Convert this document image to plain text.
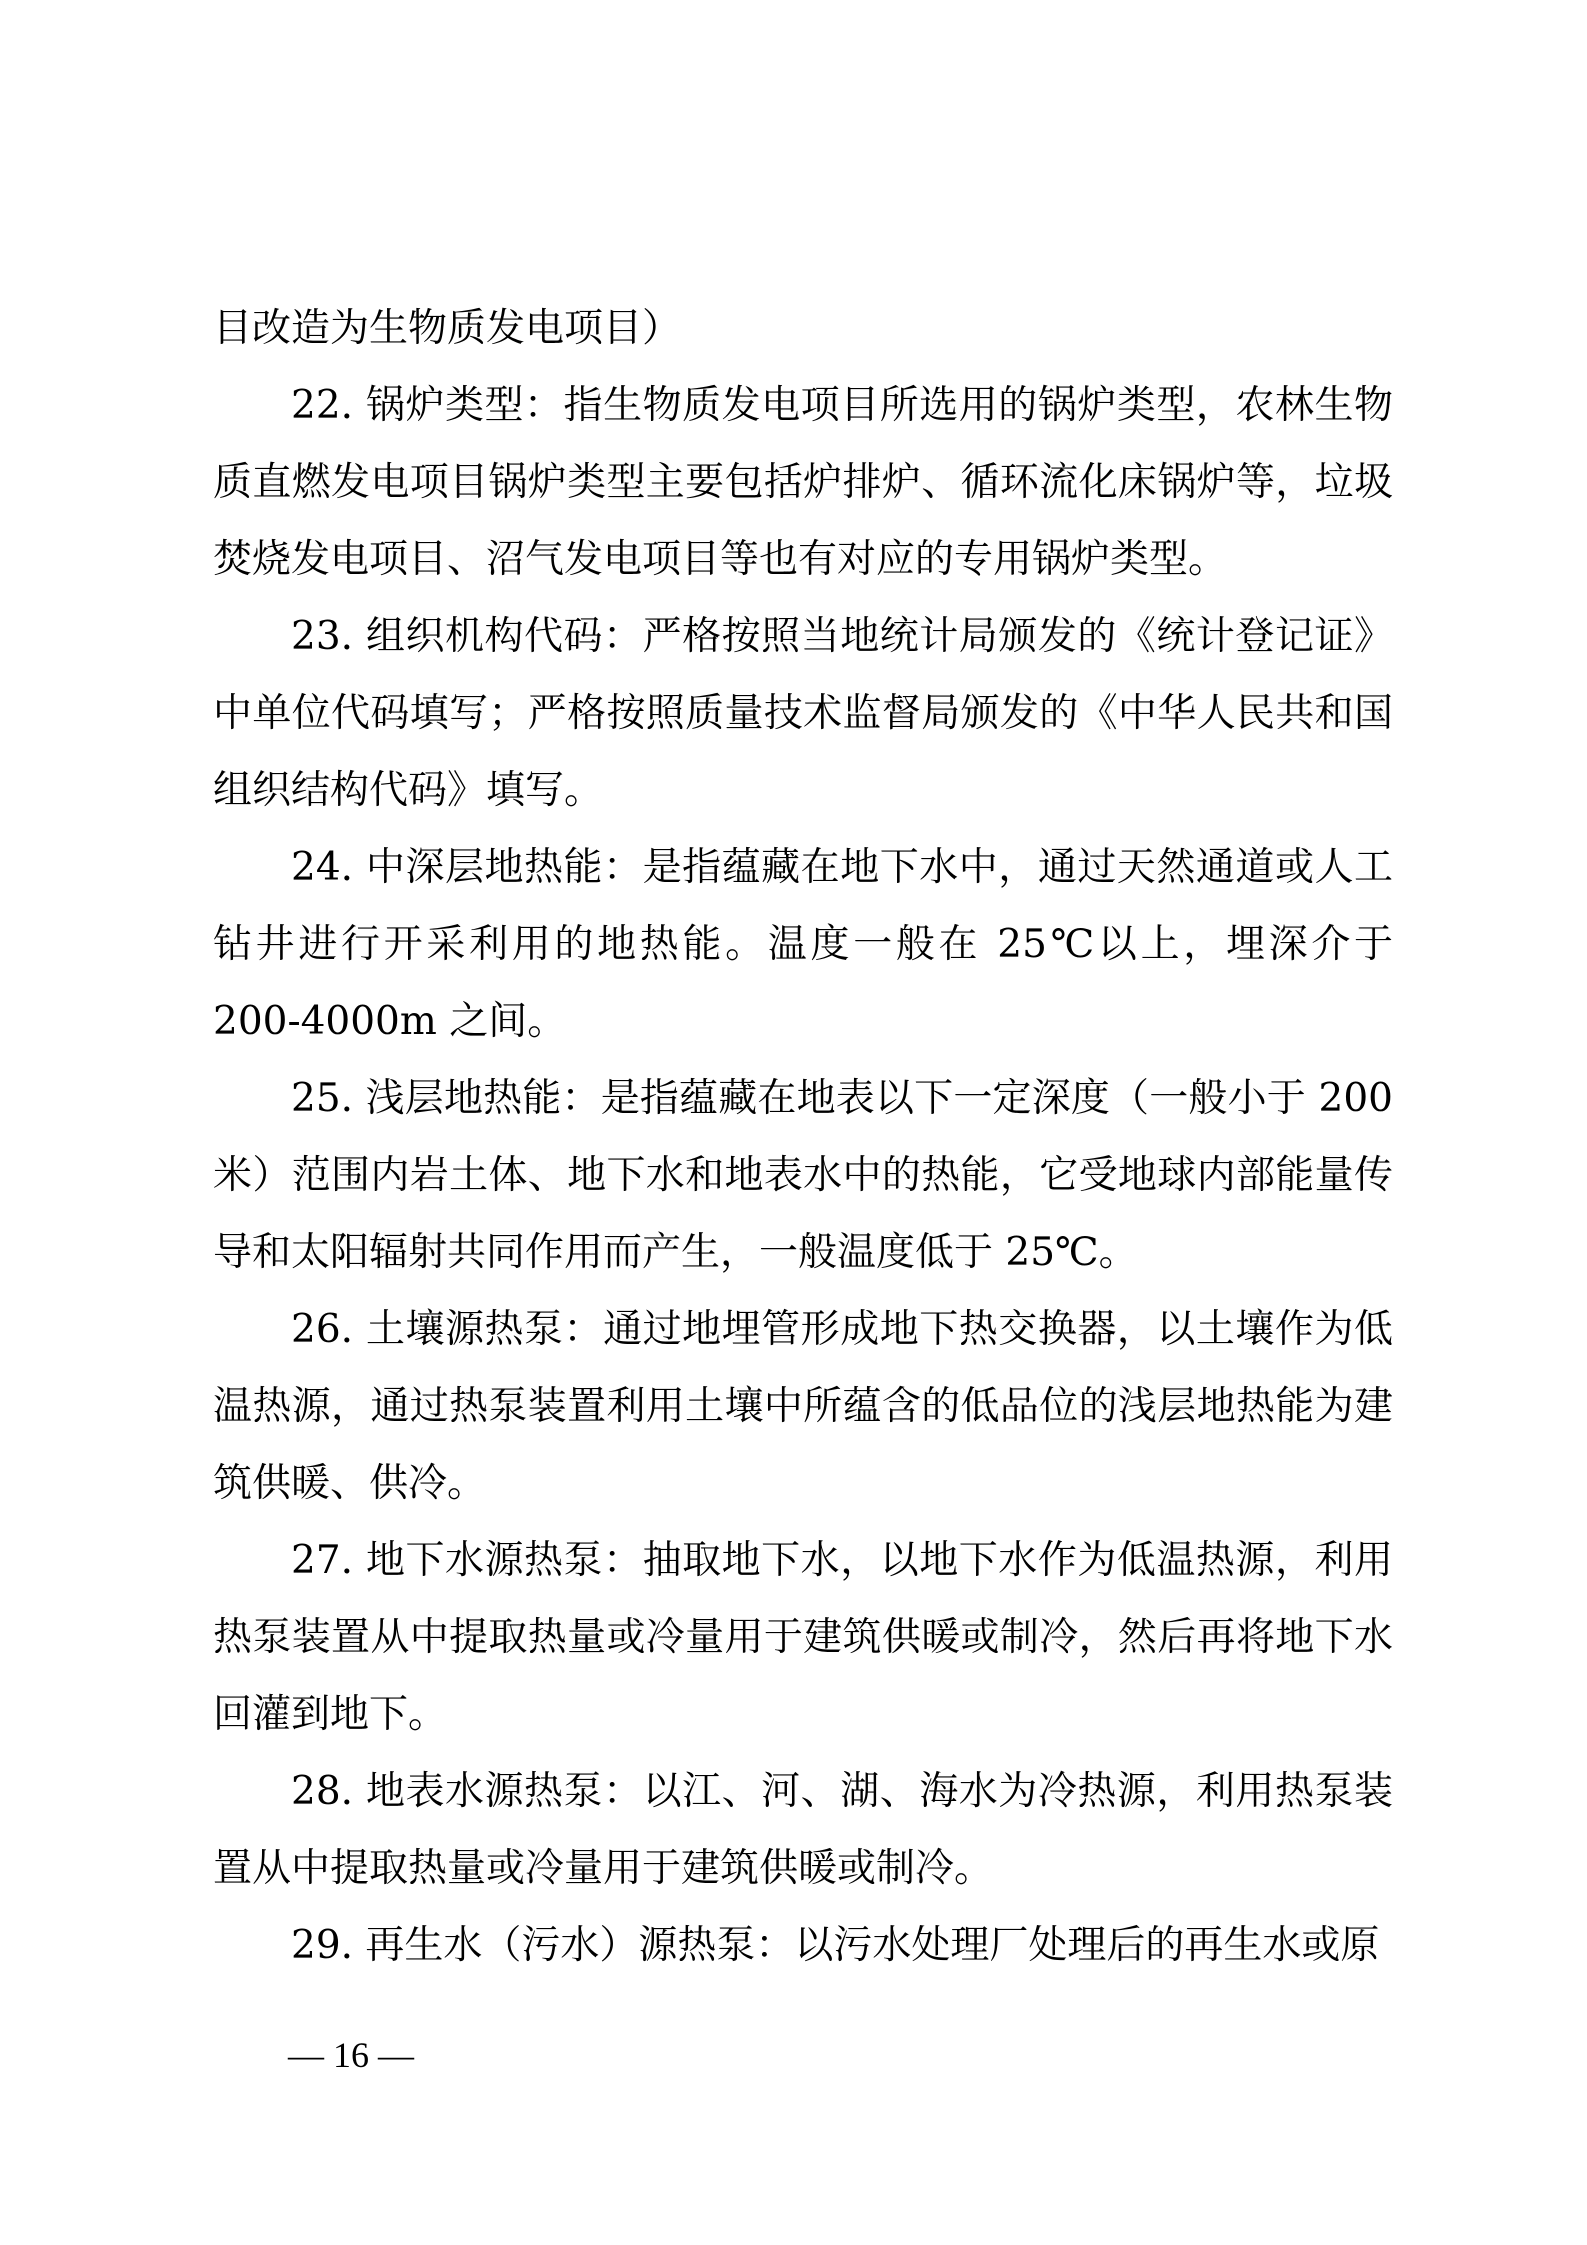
目改造为生物质发电项目）

22. 锅炉类型：指生物质发电项目所选用的锅炉类型，农林生物质直燃发电项目锅炉类型主要包括炉排炉、循环流化床锅炉等，垃圾焚烧发电项目、沼气发电项目等也有对应的专用锅炉类型。

23. 组织机构代码：严格按照当地统计局颁发的《统计登记证》中单位代码填写；严格按照质量技术监督局颁发的《中华人民共和国组织结构代码》填写。

24. 中深层地热能：是指蕴藏在地下水中，通过天然通道或人工钻井进行开采利用的地热能。温度一般在 25℃以上，埋深介于 200-4000m 之间。

25. 浅层地热能：是指蕴藏在地表以下一定深度（一般小于 200 米）范围内岩土体、地下水和地表水中的热能，它受地球内部能量传导和太阳辐射共同作用而产生，一般温度低于 25℃。

26. 土壤源热泵：通过地埋管形成地下热交换器，以土壤作为低温热源，通过热泵装置利用土壤中所蕴含的低品位的浅层地热能为建筑供暖、供冷。

27. 地下水源热泵：抽取地下水，以地下水作为低温热源，利用热泵装置从中提取热量或冷量用于建筑供暖或制冷，然后再将地下水回灌到地下。

28. 地表水源热泵：以江、河、湖、海水为冷热源，利用热泵装置从中提取热量或冷量用于建筑供暖或制冷。

29. 再生水（污水）源热泵：以污水处理厂处理后的再生水或原

— 16 —
